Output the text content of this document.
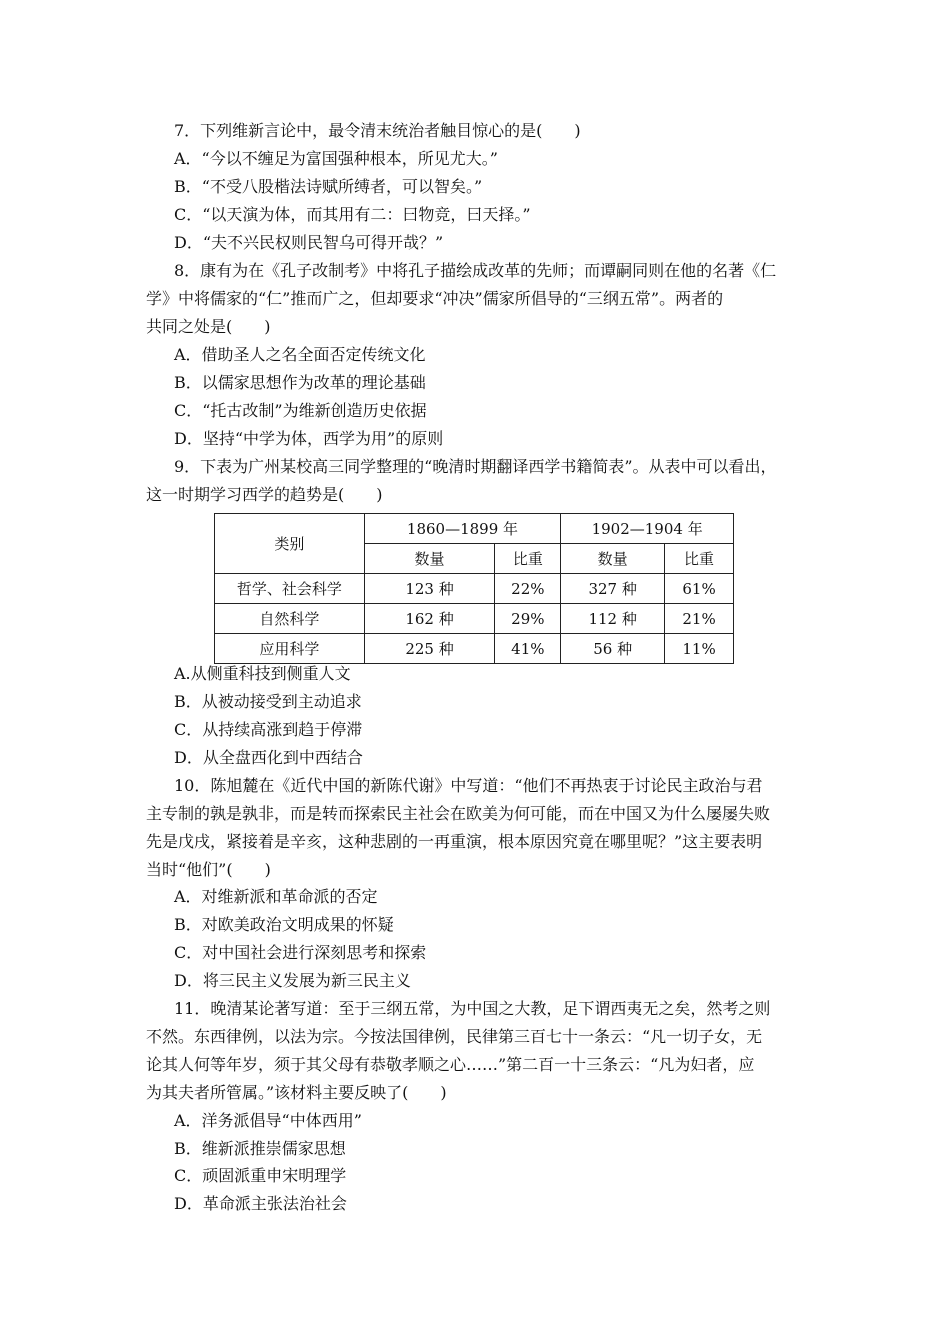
7．下列维新言论中，最令清末统治者触目惊心的是(　　)
A．“今以不缠足为富国强种根本，所见尤大。”
B．“不受八股楷法诗赋所缚者，可以智矣。”
C．“以天演为体，而其用有二：曰物竞，曰天择。”
D．“夫不兴民权则民智乌可得开哉？”
8．康有为在《孔子改制考》中将孔子描绘成改革的先师；而谭嗣同则在他的名著《仁
学》中将儒家的“仁”推而广之，但却要求“冲决”儒家所倡导的“三纲五常”。两者的
共同之处是(　　)
A．借助圣人之名全面否定传统文化
B．以儒家思想作为改革的理论基础
C．“托古改制”为维新创造历史依据
D．坚持“中学为体，西学为用”的原则
9．下表为广州某校高三同学整理的“晚清时期翻译西学书籍简表”。从表中可以看出，
这一时期学习西学的趋势是(　　)
类别	1860—1899 年		1902—1904 年	
	数量	比重	数量	比重
哲学、社会科学	123 种	22%	327 种	61%
自然科学	162 种	29%	112 种	21%
应用科学	225 种	41%	56 种	11%
A.从侧重科技到侧重人文
B．从被动接受到主动追求
C．从持续高涨到趋于停滞
D．从全盘西化到中西结合
10．陈旭麓在《近代中国的新陈代谢》中写道：“他们不再热衷于讨论民主政治与君
主专制的孰是孰非，而是转而探索民主社会在欧美为何可能，而在中国又为什么屡屡失败
先是戊戌，紧接着是辛亥，这种悲剧的一再重演，根本原因究竟在哪里呢？”这主要表明
当时“他们”(　　)
A．对维新派和革命派的否定
B．对欧美政治文明成果的怀疑
C．对中国社会进行深刻思考和探索
D．将三民主义发展为新三民主义
11．晚清某论著写道：至于三纲五常，为中国之大教，足下谓西夷无之矣，然考之则
不然。东西律例，以法为宗。今按法国律例，民律第三百七十一条云：“凡一切子女，无
论其人何等年岁，须于其父母有恭敬孝顺之心……”第二百一十三条云：“凡为妇者，应
为其夫者所管属。”该材料主要反映了(　　)
A．洋务派倡导“中体西用”
B．维新派推崇儒家思想
C．顽固派重申宋明理学
D．革命派主张法治社会
